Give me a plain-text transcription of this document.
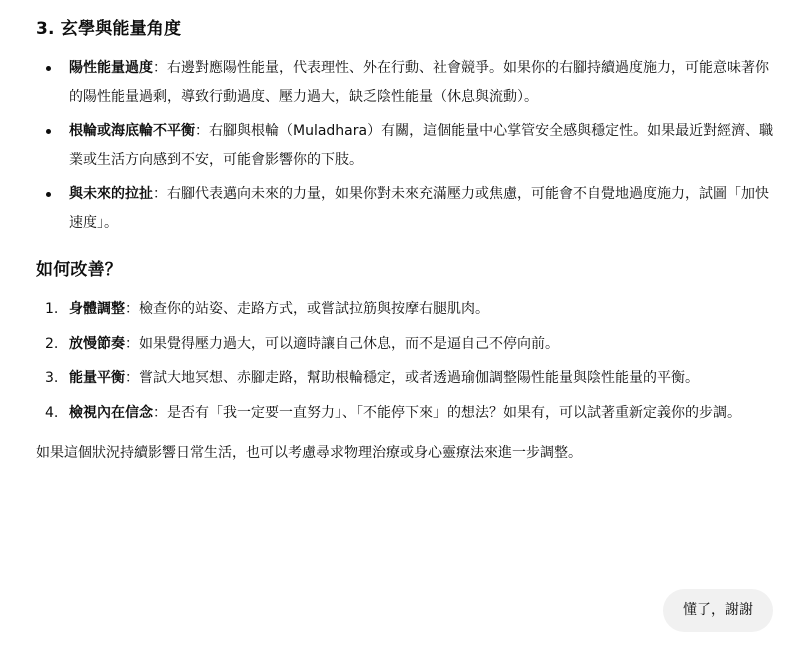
3. 玄學與能量角度
陽性能量過度：右邊對應陽性能量，代表理性、外在行動、社會競爭。如果你的右腳持續過度施力，可能意味著你的陽性能量過剩，導致行動過度、壓力過大，缺乏陰性能量（休息與流動）。
根輪或海底輪不平衡：右腳與根輪（Muladhara）有關，這個能量中心掌管安全感與穩定性。如果最近對經濟、職業或生活方向感到不安，可能會影響你的下肢。
與未來的拉扯：右腳代表邁向未來的力量，如果你對未來充滿壓力或焦慮，可能會不自覺地過度施力，試圖「加快速度」。
如何改善？
1. 身體調整：檢查你的站姿、走路方式，或嘗試拉筋與按摩右腿肌肉。
2. 放慢節奏：如果覺得壓力過大，可以適時讓自己休息，而不是逼自己不停向前。
3. 能量平衡：嘗試大地冥想、赤腳走路，幫助根輪穩定，或者透過瑜伽調整陽性能量與陰性能量的平衡。
4. 檢視內在信念：是否有「我一定要一直努力」、「不能停下來」的想法？如果有，可以試著重新定義你的步調。

如果這個狀況持續影響日常生活，也可以考慮尋求物理治療或身心靈療法來進一步調整。

懂了，謝謝
